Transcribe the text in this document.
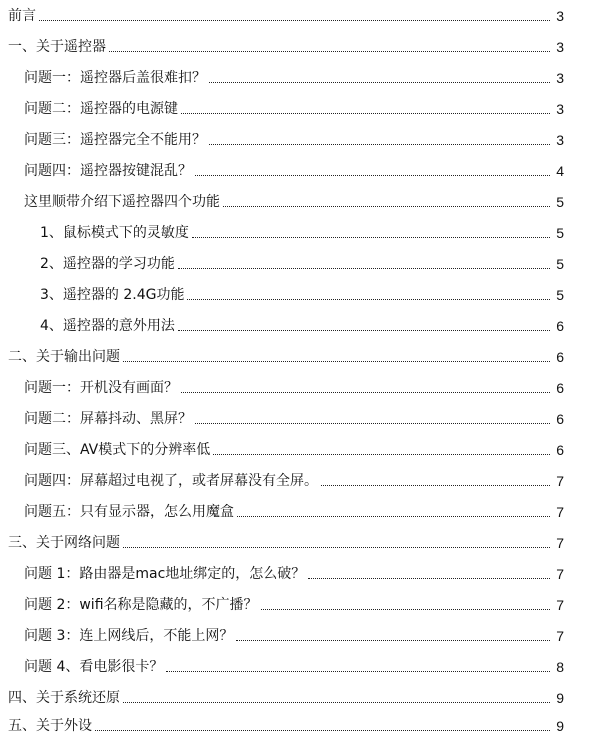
前言	3
一、关于遥控器	3
问题一：遥控器后盖很难扣？	3
问题二：遥控器的电源键	3
问题三：遥控器完全不能用？	3
问题四：遥控器按键混乱？	4
这里顺带介绍下遥控器四个功能	5
1、鼠标模式下的灵敏度	5
2、遥控器的学习功能	5
3、遥控器的 2.4G功能	5
4、遥控器的意外用法	6
二、关于输出问题	6
问题一：开机没有画面？	6
问题二：屏幕抖动、黑屏？	6
问题三、AV模式下的分辨率低	6
问题四：屏幕超过电视了，或者屏幕没有全屏。	7
问题五：只有显示器，怎么用魔盒	7
三、关于网络问题	7
问题 1：路由器是mac地址绑定的，怎么破？	7
问题 2：wifi名称是隐藏的，不广播？	7
问题 3：连上网线后，不能上网？	7
问题 4、看电影很卡？	8
四、关于系统还原	9
五、关于外设	9
